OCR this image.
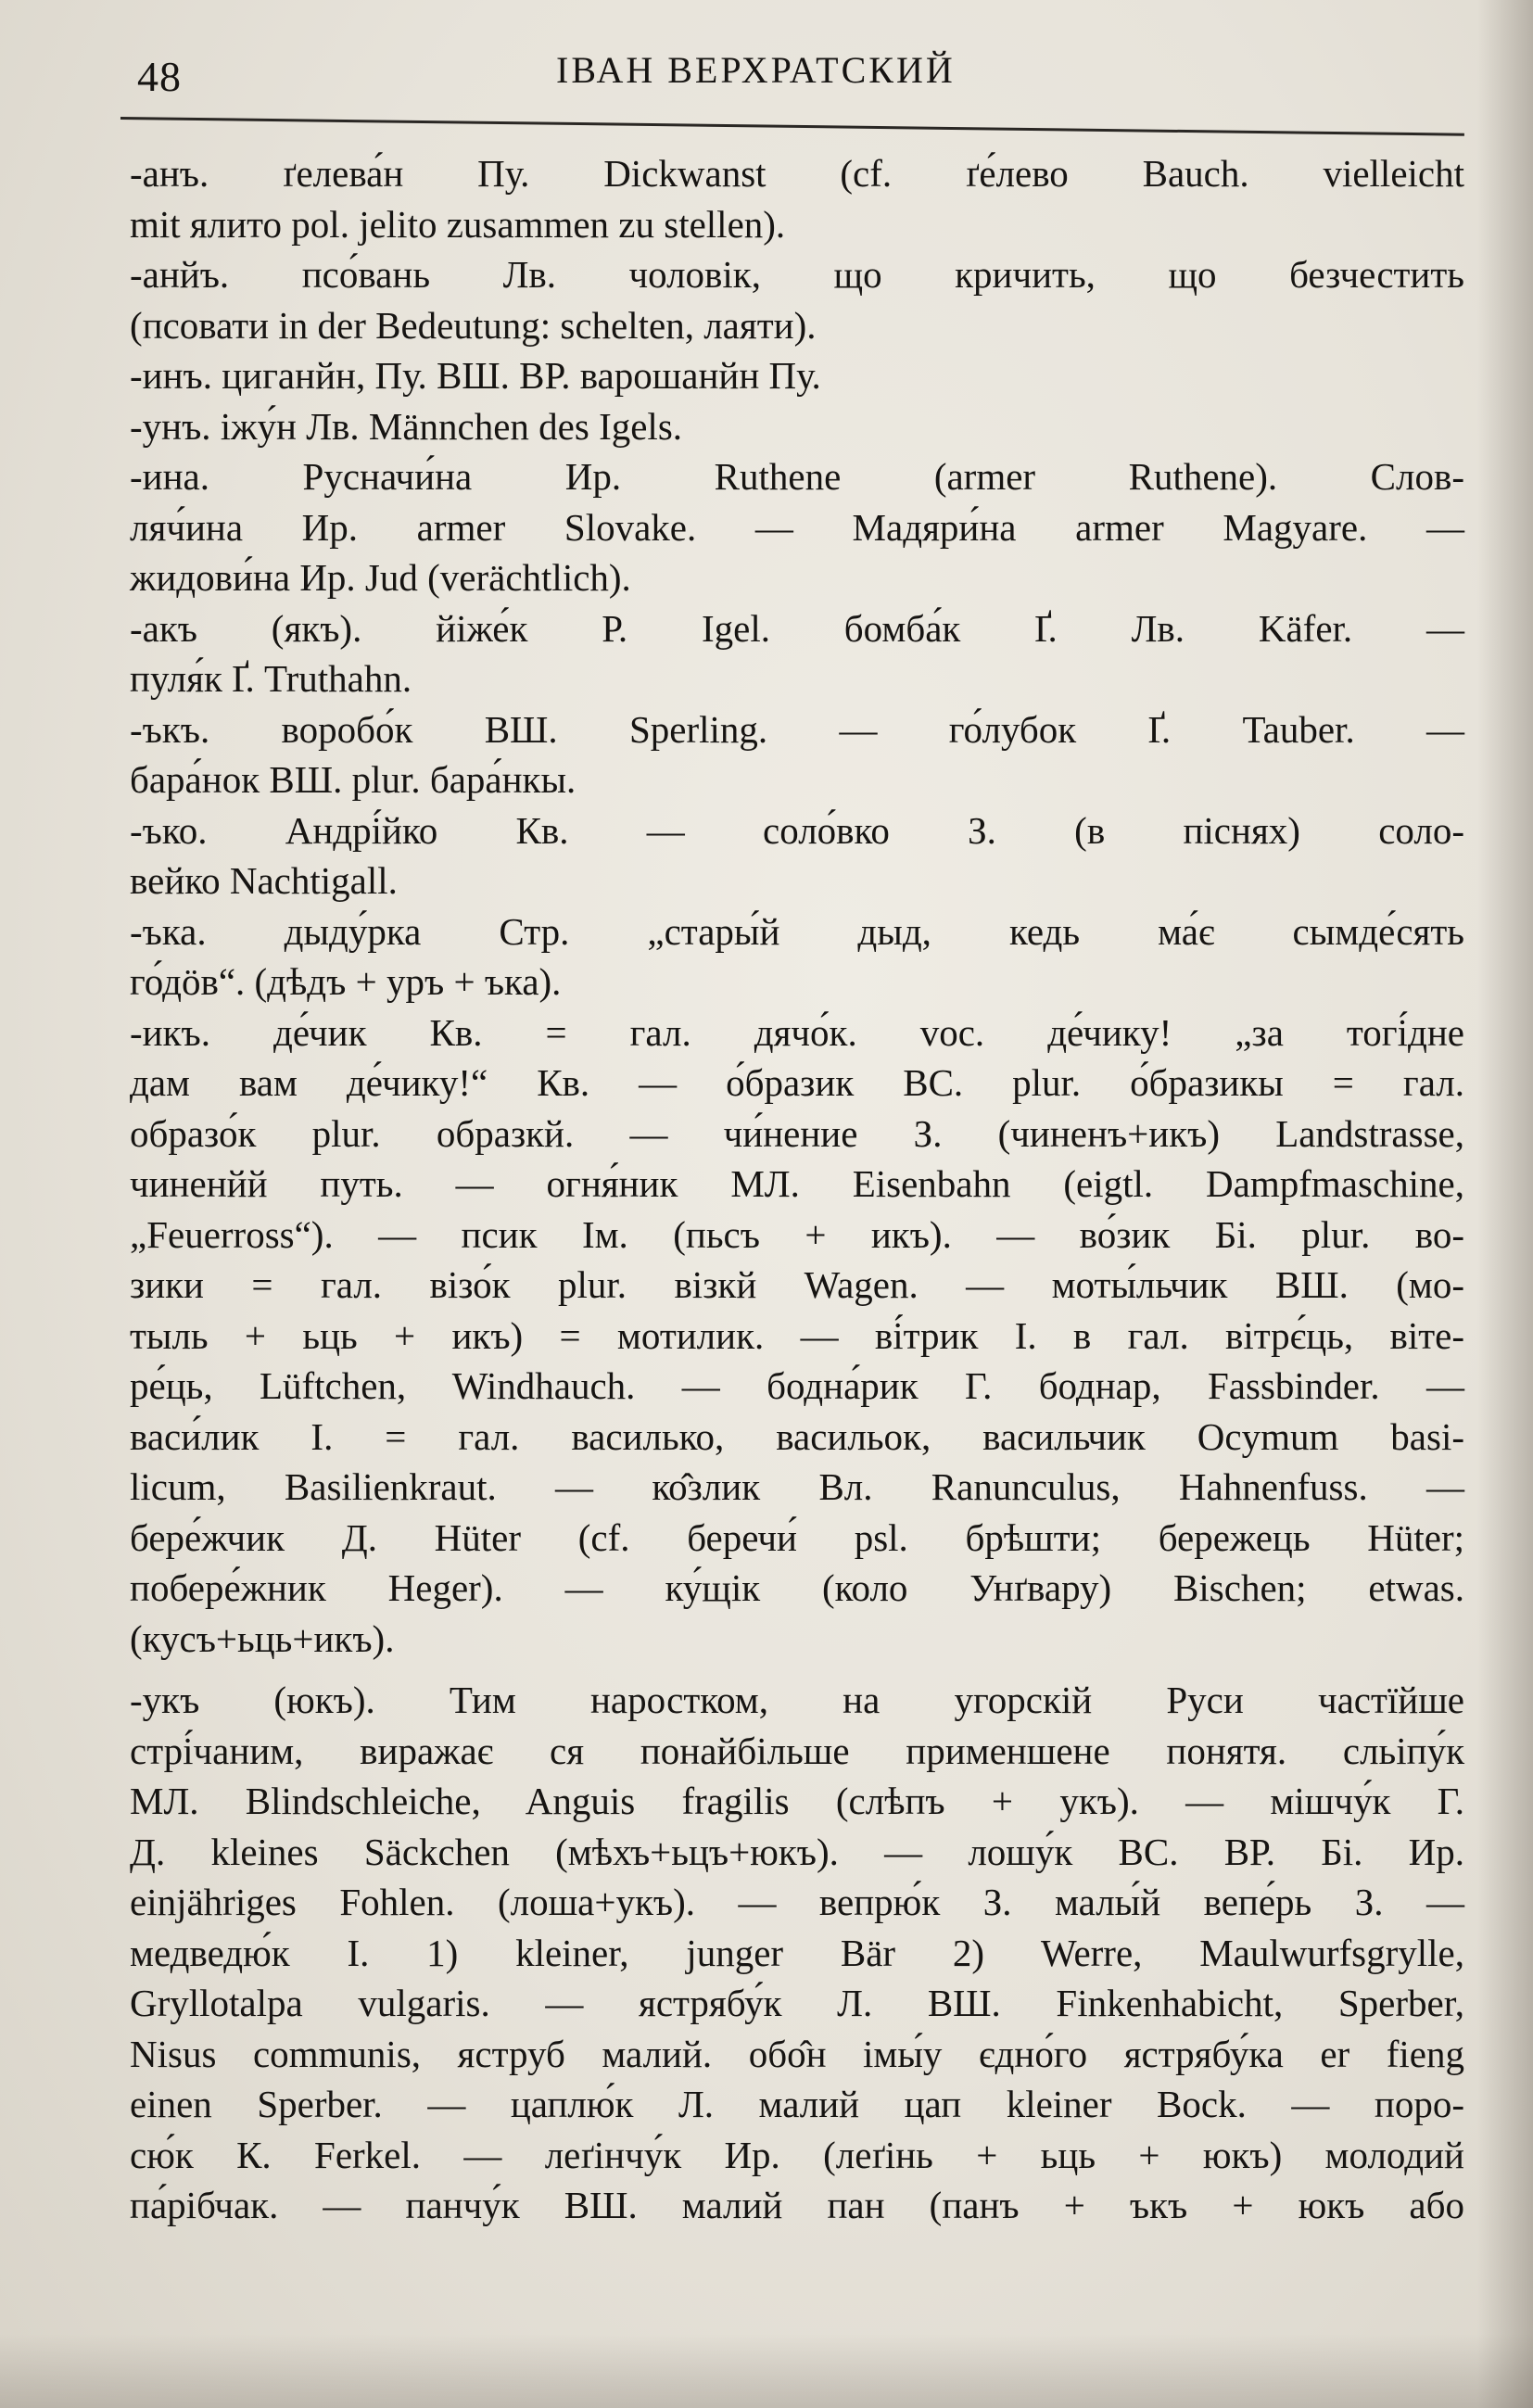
48	ІВАН ВЕРХРАТСКИЙ
-анъ. ґелева́н Пу. Dickwanst (cf. ґе́лево Bauch. vielleicht
mit ялито pol. jelito zusammen zu stellen).
-анйъ. псо́вань Лв. чоловік, що кричить, що безчестить
(псовати in der Bedeutung: schelten, лаяти).
-инъ. циганйн, Пу. ВШ. ВР. варошанйн Пу.
-унъ. іжу́н Лв. Männchen des Igels.
-ина. Русначи́на Ир. Ruthene (armer Ruthene). Слов-
ляч́ина Ир. armer Slovake. — Мадяри́на armer Magyare. —
жидови́на Ир. Jud (verächtlich).
-акъ (якъ). йіже́к Р. Igel. бомба́к Ґ. Лв. Käfer. —
пуля́к Ґ. Truthahn.
-ъкъ. воробо́к ВШ. Sperling. — го́лубок Ґ. Tauber. —
бара́нок ВШ. plur. бара́нкы.
-ъко. Андрі́йко Кв. — соло́вко З. (в піснях) соло-
вейко Nachtigall.
-ъка. дыду́рка Стр. „стары́й дыд, кедь ма́є сымде́сять
го́дӧв“. (дѣдъ + уръ + ъка).
-икъ. де́чик Кв. = гал. дячо́к. voc. де́чику! „за тогі́дне
дам вам де́чику!“ Кв. — о́бразик ВС. plur. о́бразикы = гал.
образо́к plur. образкй. — чи́нение З. (чиненъ+икъ) Landstrasse,
чиненйй путь. — огня́ник МЛ. Eisenbahn (eigtl. Dampfmaschine,
„Feuerross“). — псик Ім. (пьсъ + икъ). — во́зик Бі. plur. во-
зики = гал. візо́к plur. візкй Wagen. — моты́льчик ВШ. (мо-
тыль + ьць + икъ) = мотилик. — ві́трик І. в гал. вітрє́ць, віте-
ре́ць, Lüftchen, Windhauch. — бодна́рик Г. боднар, Fassbinder. —
васи́лик І. = гал. василько, васильок, васильчик Ocymum basi-
licum, Basilienkraut. — ко̂злик Вл. Ranunculus, Hahnenfuss. —
бере́жчик Д. Hüter (cf. беречи́ psl. брѣшти; бережець Hüter;
побере́жник Heger). — ку́щік (коло Унґвару) Bischen; etwas.
(кусъ+ьць+икъ).
-укъ (юкъ). Тим наростком, на угорскій Руси частїйше
стрі́чаним, виражає ся понайбільше применшене понятя. сльіпу́к
МЛ. Blindschleiche, Anguis fragilis (слѣпъ + укъ). — мішчу́к Г.
Д. kleines Säckchen (мѣхъ+ьцъ+юкъ). — лошу́к ВС. ВР. Бі. Ир.
einjähriges Fohlen. (лоша+укъ). — вепрю́к З. малы́й вепе́рь З. —
медведю́к І. 1) kleiner, junger Bär 2) Werre, Maulwurfsgrylle,
Gryllotalpa vulgaris. — ястрябу́к Л. ВШ. Finkenhabicht, Sperber,
Nisus communis, яструб малий. обо̂н імы́у єдно́го ястрябу́ка er fieng
einen Sperber. — цаплю́к Л. малий цап kleiner Bock. — поро-
сю́к К. Ferkel. — леґінчу́к Ир. (леґінь + ьць + юкъ) молодий
па́рібчак. — панчу́к ВШ. малий пан (панъ + ъкъ + юкъ або
